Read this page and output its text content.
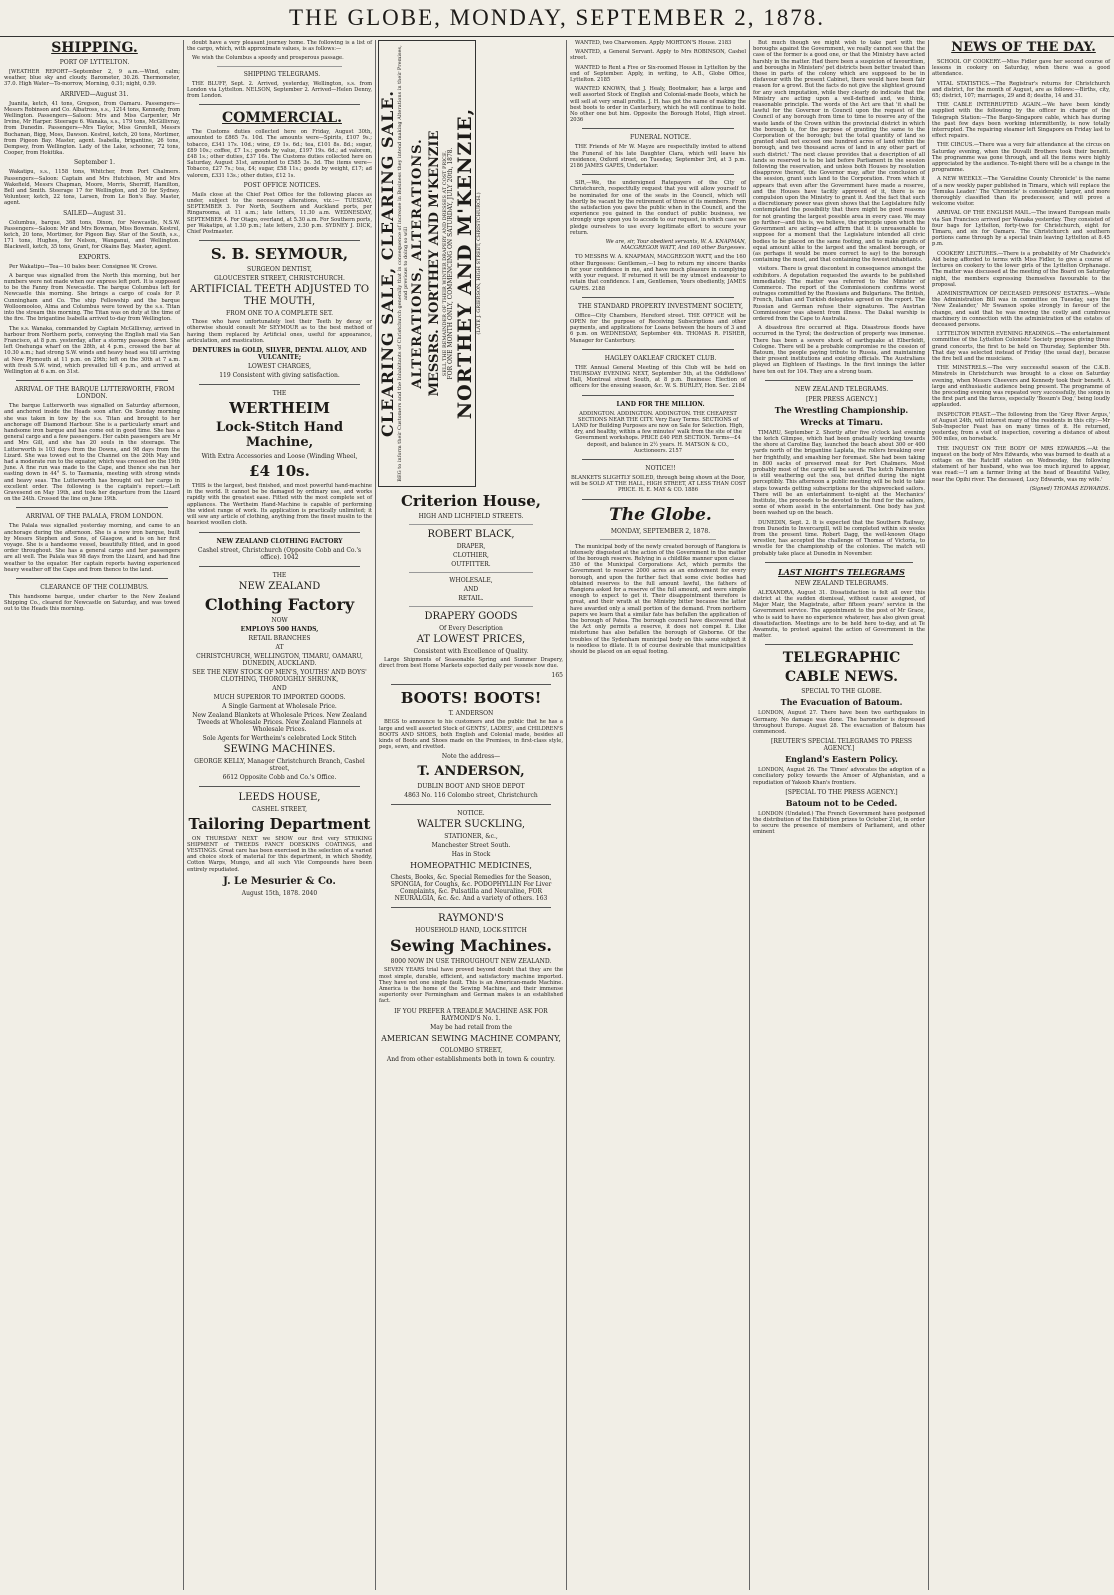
THE GLOBE, MONDAY, SEPTEMBER 2, 1878.

SHIPPING.

PORT OF LYTTELTON.

[WEATHER REPORT—September 2, 9 a.m.—Wind, calm; weather, blue sky and cloudy. Barometer, 30.26. Thermometer, 37.0. High Water—To-morrow, Morning, 0.31; night, 0.59.

ARRIVED—August 31.

Juanita, ketch, 41 tons, Gregson, from Oamaru. Passengers—Messrs Robinson and Co. Albatross, s.s., 1214 tons, Kennedy, from Wellington. Passengers—Saloon: Mrs and Miss Carpenter, Mr Irvine, Mr Harper. Steerage 6. Wanaka, s.s., 179 tons, McGillivray, from Dunedin. Passengers—Mrs Taylor, Miss Grenfell, Messrs Buchanan, Bigg, Moss, Dawson. Kestrel, ketch, 20 tons, Mortimer, from Pigeon Bay. Master, agent. Isabella, brigantine, 26 tons, Dempsey, from Wellington. Lady of the Lake, schooner, 72 tons, Cooper, from Hokitika.

September 1.

Wakatipu, s.s., 1158 tons, Whitcher, from Port Chalmers. Passengers—Saloon: Captain and Mrs Hutchison, Mr and Mrs Wakefield, Messrs Chapman, Moore, Morris, Sherriff, Hamilton, Bell and Smith. Steerage 17 for Wellington, and 30 for Sydney. Volunteer, ketch, 22 tons, Larsen, from Le Bon's Bay. Master, agent.

SAILED—August 31.

Columbus, barque, 368 tons, Dixon, for Newcastle, N.S.W. Passengers—Saloon: Mr and Mrs Bowman, Miss Bowman. Kestrel, ketch, 20 tons, Mortimer, for Pigeon Bay. Star of the South, s.s., 171 tons, Hughes, for Nelson, Wanganui, and Wellington. Blackwell, ketch, 35 tons, Grant, for Okains Bay. Master, agent.

EXPORTS.

Per Wakatipu—Tea—10 bales beer. Consignee W. Crowe.

A barque was signalled from the North this morning, but her numbers were not made when our express left port. It is supposed to be the Fanny from Newcastle. The barque Columbus left for Newcastle this morning. She brings a cargo of coals for P. Cunningham and Co. The ship Fellowship and the barque Wolloomooloo, Alma and Columbus were towed by the s.s. Titan into the stream this morning. The Titan was on duty at the time of the fire. The brigantine Isabella arrived to-day from Wellington.

The s.s. Wanaka, commanded by Captain McGillivray, arrived in harbour from Northern ports, conveying the English mail via San Francisco, at 8 p.m. yesterday, after a stormy passage down. She left Onehunga wharf on the 28th, at 4 p.m., crossed the bar at 10.30 a.m.; had strong S.W. winds and heavy head sea till arriving at New Plymouth at 11 p.m. on 29th; left on the 30th at 7 a.m. with fresh S.W. wind, which prevailed till 4 p.m., and arrived at Wellington at 6 a.m. on 31st.

ARRIVAL OF THE BARQUE LUTTERWORTH, FROM LONDON.

The barque Lutterworth was signalled on Saturday afternoon, and anchored inside the Heads soon after. On Sunday morning she was taken in tow by the s.s. Titan and brought to her anchorage off Diamond Harbour. She is a particularly smart and handsome iron barque and has come out in good time. She has a general cargo and a few passengers. Her cabin passengers are Mr and Mrs Gill, and she has 20 souls in the steerage. The Lutterworth is 103 days from the Downs, and 98 days from the Lizard. She was towed out to the Channel on the 20th May and had a moderate run to the equator, which was crossed on the 19th June. A fine run was made to the Cape, and thence she ran her easting down in 44° S. to Tasmania, meeting with strong winds and heavy seas. The Lutterworth has brought out her cargo in excellent order. The following is the captain's report:—Left Gravesend on May 19th, and took her departure from the Lizard on the 24th. Crossed the line on June 19th.

ARRIVAL OF THE PALALA, FROM LONDON.

The Palala was signalled yesterday morning, and came to an anchorage during the afternoon. She is a new iron barque, built by Messrs Stephen and Sons, of Glasgow, and is on her first voyage. She is a handsome vessel, beautifully fitted, and in good order throughout. She has a general cargo and her passengers are all well. The Palala was 98 days from the Lizard, and had fine weather to the equator. Her captain reports having experienced heavy weather off the Cape and from thence to the land.

CLEARANCE OF THE COLUMBUS.

This handsome barque, under charter to the New Zealand Shipping Co., cleared for Newcastle on Saturday, and was towed out to the Heads this morning.

doubt have a very pleasant journey home. The following is a list of the cargo, which, with approximate values, is as follows:—

We wish the Columbus a speedy and prosperous passage.

SHIPPING TELEGRAMS.

THE BLUFF, Sept. 2. Arrived, yesterday, Wellington, s.s. from London via Lyttelton. NELSON, September 2. Arrived—Helen Denny, from London.

COMMERCIAL.

The Customs duties collected here on Friday, August 30th, amounted to £865 7s. 10d. The amounts were—Spirits, £107 9s.; tobacco, £341 17s. 10d.; wine, £9 1s. 6d.; tea, £101 8s. 8d.; sugar, £89 10s.; coffee, £7 1s.; goods by value, £197 19s. 6d.; ad valorem, £48 1s.; other duties, £37 16s. The Customs duties collected here on Saturday, August 31st, amounted to £585 3s. 3d. The items were—Tobacco, £27 7s.; tea, £4; sugar, £58 11s.; goods by weight, £17; ad valorem, £331 13s.; other duties, £12 1s.

POST OFFICE NOTICES.

Mails close at the Chief Post Office for the following places as under, subject to the necessary alterations, viz.:— TUESDAY, SEPTEMBER 3. For North, Southern and Auckland ports, per Ringarooma, at 11 a.m.; late letters, 11.30 a.m. WEDNESDAY, SEPTEMBER 4. For Otago, overland, at 5.30 a.m. For Southern ports, per Wakatipu, at 1.30 p.m.; late letters, 2.30 p.m. SYDNEY J. DICK, Chief Postmaster.

S. B. SEYMOUR,
SURGEON DENTIST,
GLOUCESTER STREET, CHRISTCHURCH.
ARTIFICIAL TEETH ADJUSTED TO THE MOUTH,
FROM ONE TO A COMPLETE SET.

Those who have unfortunately lost their Teeth by decay or otherwise should consult Mr SEYMOUR as to the best method of having them replaced by Artificial ones, useful for appearance, articulation, and mastication.

DENTURES in GOLD, SILVER, DENTAL ALLOY, AND VULCANITE;
LOWEST CHARGES,
119 Consistent with giving satisfaction.
THE
WERTHEIM
Lock-Stitch Hand Machine,
With Extra Accessories and Loose (Winding Wheel,
£4 10s.

THIS is the largest, best finished, and most powerful hand-machine in the world. It cannot be be damaged by ordinary use, and works rapidly with the greatest ease. Fitted with the most complete set of appliances. The Wertheim Hand-Machine is capable of performing the widest range of work. Its application is practically unlimited; it will sew any article of clothing, anything from the finest muslin to the heaviest woollen cloth.

NEW ZEALAND CLOTHING FACTORY
Cashel street, Christchurch (Opposite Cobb and Co.'s office). 1042
THE
NEW ZEALAND
Clothing Factory
NOW
EMPLOYS 500 HANDS,
RETAIL BRANCHES
AT
CHRISTCHURCH, WELLINGTON, TIMARU, OAMARU, DUNEDIN, AUCKLAND.
SEE THE NEW STOCK OF MEN'S, YOUTHS' AND BOYS' CLOTHING, THOROUGHLY SHRUNK,
AND
MUCH SUPERIOR TO IMPORTED GOODS.
A Single Garment at Wholesale Price.
New Zealand Blankets at Wholesale Prices. New Zealand Tweeds at Wholesale Prices. New Zealand Flannels at Wholesale Prices.
Sole Agents for Wertheim's celebrated Lock Stitch
SEWING MACHINES.
GEORGE KELLY, Manager Christchurch Branch, Cashel street,
6612 Opposite Cobb and Co.'s Office.
LEEDS HOUSE,
CASHEL STREET,
Tailoring Department

ON THURSDAY NEXT we SHOW our first very STRIKING SHIPMENT of TWEEDS FANCY DOESKINS COATINGS, and VESTINGS. Great care has been exercised in the selection of a varied and choice stock of material for this department, in which Shoddy, Cotton Warps, Mungo, and all such Vile Compounds have been entirely repudiated.

J. Le Mesurier & Co.
August 15th, 1878. 2040
CLEARING SALE, CLEARING SALE. BEG to inform their Customers and the Inhabitants of Christchurch generally that in consequence of increase in Business they intend making Alterations in their Premises, and previous to doing so will ALTERATIONS, ALTERATIONS. MESSRS. NORTHEY AND M'KENZIE SELL THE REMAINDER OF THEIR WINTER DRAPERY AND DRESSES AT COST PRICE. FOR ONE MONTH ONLY, COMMENCING ON SATURDAY, JULY 20th, 1878. NORTHEY AND M'KENZIE, (LATE J. GRIERSON, HIGH STREET, CHRISTCHURCH.)
Criterion House,
HIGH AND LICHFIELD STREETS.
ROBERT BLACK,
DRAPER,
CLOTHIER,
OUTFITTER.
WHOLESALE,
AND
RETAIL.
DRAPERY GOODS
Of Every Description
AT LOWEST PRICES,
Consistent with Excellence of Quality.

Large Shipments of Seasonable Spring and Summer Drapery, direct from best Home Markets expected daily per vessels now due.

165
BOOTS! BOOTS!
T. ANDERSON

BEGS to announce to his customers and the public that he has a large and well assorted Stock of GENTS', LADIES', and CHILDREN'S BOOTS AND SHOES, both English and Colonial made, besides all kinds of Boots and Shoes made on the Premises, in first-class style, pegs, sewn, and rivetted.

Note the address—
T. ANDERSON,
DUBLIN BOOT AND SHOE DEPOT
4863 No. 116 Colombo street, Christchurch
NOTICE.
WALTER SUCKLING,
STATIONER, &c.,
Manchester Street South.
Has in Stock
HOMEOPATHIC MEDICINES,
Chests, Books, &c. Special Remedies for the Season, SPONGIA, for Coughs, &c. PODOPHYLLIN For Liver Complaints, &c. Pulsatilla and Neuraline, FOR NEURALGIA, &c. &c. And a variety of others. 163
RAYMOND'S
HOUSEHOLD HAND, LOCK-STITCH
Sewing Machines.
8000 NOW IN USE THROUGHOUT NEW ZEALAND.

SEVEN YEARS trial have proved beyond doubt that they are the most simple, durable, efficient, and satisfactory machine imported. They have not one single fault. This is an American-made Machine. America is the home of the Sewing Machine, and their immense superiority over Fermingham and German makes is an established fact.

IF YOU PREFER A TREADLE MACHINE ASK FOR RAYMOND'S No. 1.
May be had retail from the
AMERICAN SEWING MACHINE COMPANY,
COLOMBO STREET,
And from other establishments both in town & country.

WANTED, two Charwomen. Apply MORTON'S House. 2183

WANTED, a General Servant. Apply to Mrs ROBINSON, Cashel street.

WANTED to Rent a Five or Six-roomed House in Lyttelton by the end of September. Apply, in writing, to A.B., Globe Office, Lyttelton. 2185

WANTED KNOWN, that J. Healy, Bootmaker, has a large and well assorted Stock of English and Colonial-made Boots, which he will sell at very small profits. J. H. has got the name of making the best boots to order in Canterbury, which he will continue to hold. No other one but him. Opposite the Borough Hotel, High street. 2036

FUNERAL NOTICE.

THE Friends of Mr W. Mayze are respectfully invited to attend the Funeral of his late Daughter Clara, which will leave his residence, Oxford street, on Tuesday, September 3rd, at 3 p.m. 2186 JAMES GAPES, Undertaker.

SIR,—We, the undersigned Ratepayers of the City of Christchurch, respectfully request that you will allow yourself to be nominated for one of the seats in the Council, which will shortly be vacant by the retirement of three of its members. From the satisfaction you gave the public when in the Council, and the experience you gained in the conduct of public business, we strongly urge upon you to accede to our request, in which case we pledge ourselves to use every legitimate effort to secure your return.

We are, sir, Your obedient servants, W. A. KNAPMAN, MACGREGOR WATT, And 160 other Burgesses.

TO MESSRS W. A. KNAPMAN, MACGREGOR WATT, and the 160 other Burgesses: Gentlemen,—I beg to return my sincere thanks for your confidence in me, and have much pleasure in complying with your request. If returned it will be my utmost endeavour to retain that confidence. I am, Gentlemen, Yours obediently, JAMES GAPES. 2188

THE STANDARD PROPERTY INVESTMENT SOCIETY,

Office—City Chambers, Hereford street. THE OFFICE will be OPEN for the purpose of Receiving Subscriptions and other payments, and applications for Loans between the hours of 3 and 6 p.m. on WEDNESDAY, September 4th. THOMAS R. FISHER, Manager for Canterbury.

HAGLEY OAKLEAF CRICKET CLUB.

THE Annual General Meeting of this Club will be held on THURSDAY EVENING NEXT, September 5th, at the Oddfellows' Hall, Montreal street South, at 8 p.m. Business: Election of officers for the ensuing season, &c. W. S. BURLEY, Hon. Sec. 2184

LAND FOR THE MILLION.

ADDINGTON. ADDINGTON. ADDINGTON. THE CHEAPEST SECTIONS NEAR THE CITY. Very Easy Terms. SECTIONS of LAND for Building Purposes are now on Sale for Selection. High, dry, and healthy, within a few minutes' walk from the site of the Government workshops. PRICE £40 PER SECTION. Terms—£4 deposit, and balance in 2½ years. H. MATSON & CO., Auctioneers. 2157

NOTICE!!

BLANKETS SLIGHTLY SOILED, through being shown at the Door, will be SOLD AT THE HALL, HIGH STREET, AT LESS THAN COST PRICE. H. E. MAY & CO. 1886

The Globe.

MONDAY, SEPTEMBER 2, 1878.

The municipal body of the newly created borough of Rangiora is intensely disgusted at the action of the Government in the matter of the borough reserve. Relying in a childlike manner upon clause 350 of the Municipal Corporations Act, which permits the Government to reserve 2000 acres as an endowment for every borough, and upon the further fact that some civic bodies had obtained reserves to the full amount lawful, the fathers of Rangiora asked for a reserve of the full amount, and were simple enough to expect to get it. Their disappointment therefore is great, and their wrath at the Ministry bitter because the latter have awarded only a small portion of the demand. From northern papers we learn that a similar fate has befallen the application of the borough of Patea. The borough council have discovered that the Act only permits a reserve, it does not compel it. Like misfortune has also befallen the borough of Gisborne. Of the troubles of the Sydenham municipal body on this same subject it is needless to dilate. It is of course desirable that municipalities should be placed on an equal footing.

But much though we might wish to take part with the boroughs against the Government, we really cannot see that the case of the former is a good one, or that the Ministry have acted harshly in the matter. Had there been a suspicion of favouritism, and boroughs in Ministers' pet districts been better treated than those in parts of the colony which are supposed to be in disfavour with the present Cabinet, there would have been fair reason for a growl. But the facts do not give the slightest ground for any such imputation, while they clearly do indicate that the Ministry are acting upon a well-defined and, we think, reasonable principle. The words of the Act are that 'it shall be lawful for the Governor in Council upon the request of the Council of any borough from time to time to reserve any of the waste lands of the Crown within the provincial district in which the borough is, for the purpose of granting the same to the Corporation of the borough; but the total quantity of land so granted shall not exceed one hundred acres of land within the borough, and two thousand acres of land in any other part of such district.' The next clause provides that a description of all lands so reserved is to be laid before Parliament in the session following the reservation, and unless both Houses by resolution disapprove thereof, the Governor may, after the conclusion of the session, grant such land to the Corporation. From which it appears that even after the Government have made a reserve, and the Houses have tacitly approved of it, there is no compulsion upon the Ministry to grant it. And the fact that such a discretionary power was given shows that the Legislature fully contemplated the possibility that there might be good reasons for not granting the largest possible area in every case. We may go further—and this is, we believe, the principle upon which the Government are acting—and affirm that it is unreasonable to suppose for a moment that the Legislature intended all civic bodies to be placed on the same footing, and to make grants of equal amount alike to the largest and the smallest borough, or (as perhaps it would be more correct to say) to the borough containing the most, and that containing the fewest inhabitants.

visitors. There is great discontent in consequence amongst the exhibitors. A deputation requested the awards to be published immediately. The matter was referred to the Minister of Commerce. The report of the Commissioners confirms worst outrages committed by the Russians and Bulgarians. The British, French, Italian and Turkish delegates agreed on the report. The Russian and German refuse their signatures. The Austrian Commissioner was absent from illness. The Dakal warship is ordered from the Cape to Australia.

A disastrous fire occurred at Riga. Disastrous floods have occurred in the Tyrol; the destruction of property was immense. There has been a severe shock of earthquake at Elberfeldt, Cologne. There will be a probable compromise re the cession of Batoum, the people paying tribute to Russia, and maintaining their present institutions and existing officials. The Australians played an Eighteen of Hastings. In the first innings the latter have ten out for 104. They are a strong team.

NEW ZEALAND TELEGRAMS.

[PER PRESS AGENCY.]

The Wrestling Championship.

Wrecks at Timaru.

TIMARU, September 2. Shortly after five o'clock last evening the ketch Glimpse, which had been gradually working towards the shore at Caroline Bay, launched the beach about 300 or 400 yards north of the brigantine Laplata, the rollers breaking over her frightfully, and smashing her foremast. She had been taking in 800 sacks of preserved meat for Port Chalmers. Most probably most of the cargo will be saved. The ketch Palmerston is still weathering out the sea, but drifted during the night perceptibly. This afternoon a public meeting will be held to take steps towards getting subscriptions for the shipwrecked sailors. There will be an entertainment to-night at the Mechanics' Institute, the proceeds to be devoted to the fund for the sailors, some of whom assist in the entertainment. One body has just been washed up on the beach.

DUNEDIN, Sept. 2. It is expected that the Southern Railway, from Dunedin to Invercargill, will be completed within six weeks from the present time. Robert Dagg, the well-known Otago wrestler, has accepted the challenge of Thomas of Victoria, to wrestle for the championship of the colonies. The match will probably take place at Dunedin in November.

LAST NIGHT'S TELEGRAMS

NEW ZEALAND TELEGRAMS.

ALEXANDRA, August 31. Dissatisfaction is felt all over this district at the sudden dismissal, without cause assigned, of Major Mair, the Magistrate, after fifteen years' service in the Government service. The appointment to the post of Mr Grace, who is said to have no experience whatever, has also given great dissatisfaction. Meetings are to be held here to-day, and at Te Awamutu, to protest against the action of Government in the matter.

TELEGRAPHIC

CABLE NEWS.

SPECIAL TO THE GLOBE.

The Evacuation of Batoum.

LONDON, August 27. There have been two earthquakes in Germany. No damage was done. The barometer is depressed throughout Europe. August 28. The evacuation of Batoum has commenced.

[REUTER'S SPECIAL TELEGRAMS TO PRESS AGENCY.]

England's Eastern Policy.

LONDON, August 26. The 'Times' advocates the adoption of a conciliatory policy towards the Amoer of Afghanistan, and a repudiation of Yakoob Khan's frontiers.

[SPECIAL TO THE PRESS AGENCY.]

Batoum not to be Ceded.

LONDON (Undated.) The French Government have postponed the distribution of the Exhibition prizes to October 21st, in order to secure the presence of members of Parliament, and other eminent

NEWS OF THE DAY.

SCHOOL OF COOKERY.—Miss Fidler gave her second course of lessons in cookery on Saturday, when there was a good attendance.

VITAL STATISTICS.—The Registrar's returns for Christchurch and district, for the month of August, are as follows:—Births, city, 65; district, 107; marriages, 29 and 8; deaths, 14 and 31.

THE CABLE INTERRUPTED AGAIN.—We have been kindly supplied with the following by the officer in charge of the Telegraph Station:—The Banjo-Singapore cable, which has during the past few days been working intermittently, is now totally interrupted. The repairing steamer left Singapore on Friday last to effect repairs.

THE CIRCUS.—There was a very fair attendance at the circus on Saturday evening, when the Duvalli Brothers took their benefit. The programme was gone through, and all the items were highly appreciated by the audience. To-night there will be a change in the programme.

A NEW WEEKLY.—The 'Geraldine County Chronicle' is the name of a new weekly paper published in Timaru, which will replace the 'Temuka Leader.' The 'Chronicle' is considerably larger, and more thoroughly classified than its predecessor, and will prove a welcome visitor.

ARRIVAL OF THE ENGLISH MAIL.—The inward European mails via San Francisco arrived per Wanaka yesterday. They consisted of four bags for Lyttelton, forty-two for Christchurch, eight for Timaru, and six for Oamaru. The Christchurch and southern portions came through by a special train leaving Lyttelton at 8.45 p.m.

COOKERY LECTURES.—There is a probability of Mr Chadwick's Aid being afforded to terms with Miss Fidler, to give a course of lectures on cookery to the lower girls of the Lyttelton Orphanage. The matter was discussed at the meeting of the Board on Saturday night, the members expressing themselves favourable to the proposal.

ADMINISTRATION OF DECEASED PERSONS' ESTATES.—While the Administration Bill was in committee on Tuesday, says the 'New Zealander,' Mr Swanson spoke strongly in favour of the change, and said that he was moving the costly and cumbrous machinery in connection with the administration of the estates of deceased persons.

LYTTELTON WINTER EVENING READINGS.—The entertainment committee of the Lyttelton Colonists' Society propose giving three grand concerts, the first to be held on Thursday, September 5th. That day was selected instead of Friday (the usual day), because the fire bell and the musicians.

THE MINSTRELS.—The very successful season of the C.K.B. Minstrels in Christchurch was brought to a close on Saturday evening, when Messrs Cheevers and Kennedy took their benefit. A large and enthusiastic audience being present. The programme of the preceding evening was repeated very successfully, the songs in the first part and the farces, especially 'Bosum's Dog,' being loudly applauded.

INSPECTOR FEAST.—The following from the 'Grey River Argus,' of August 24th, will interest many of the residents in this city:—Mr Sub-Inspector Feast has on many times of it. He returned, yesterday, from a visit of inspection, covering a distance of about 500 miles, on horseback.

THE INQUEST ON THE BODY OF MRS EDWARDS.—At the inquest on the body of Mrs Edwards, who was burned to death at a cottage on the Ratcliff station on Wednesday, the following statement of her husband, who was too much injured to appear, was read:—'I am a farmer living at the head of Beautiful Valley, near the Opihi river. The deceased, Lucy Edwards, was my wife.'

(Signed) THOMAS EDWARDS.
